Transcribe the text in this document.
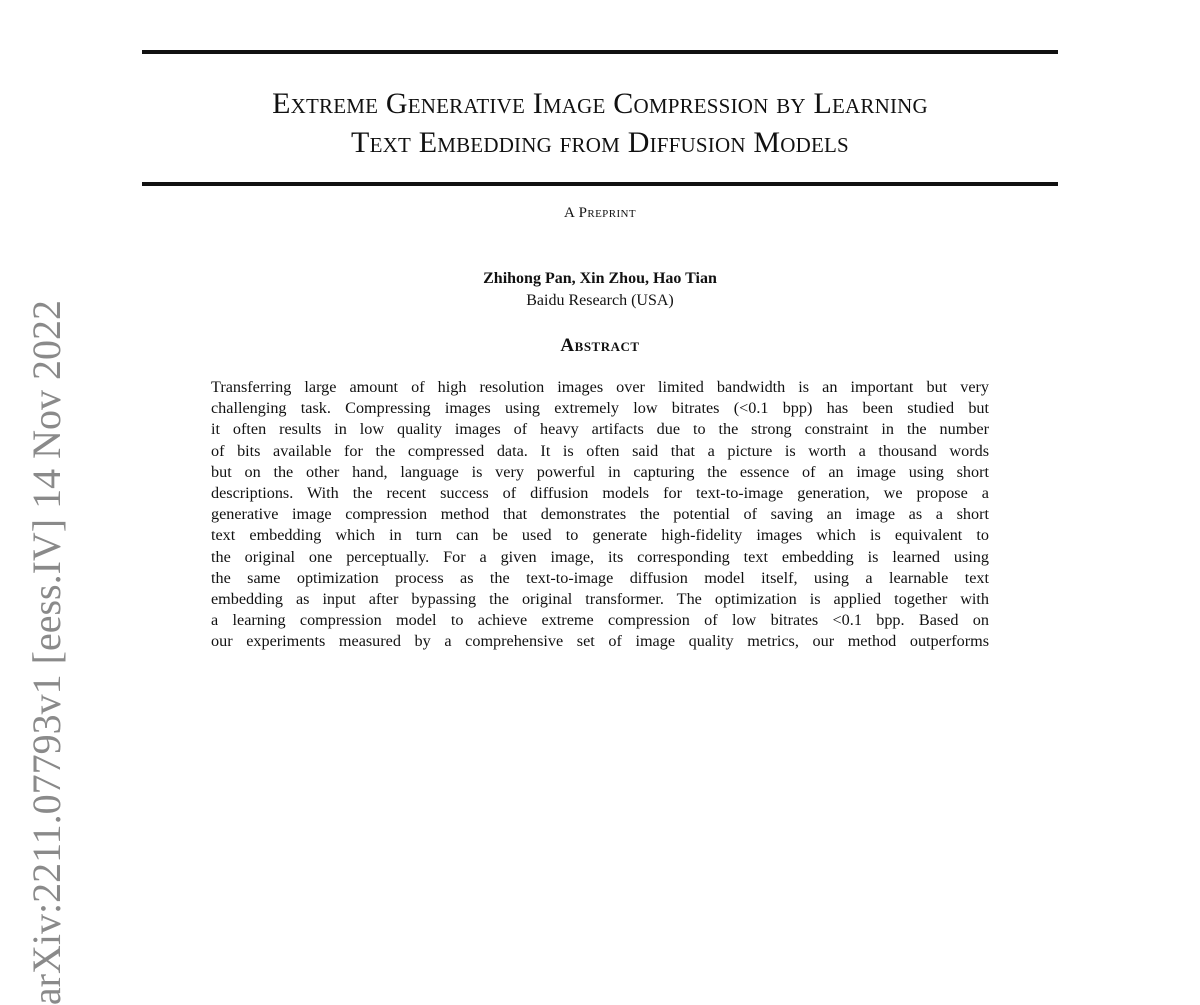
arXiv:2211.07793v1 [eess.IV] 14 Nov 2022
Extreme Generative Image Compression by Learning
Text Embedding from Diffusion Models
A Preprint
Zhihong Pan, Xin Zhou, Hao Tian
Baidu Research (USA)
Abstract
Transferring large amount of high resolution images over limited bandwidth is an important but very
challenging task. Compressing images using extremely low bitrates (<0.1 bpp) has been studied but
it often results in low quality images of heavy artifacts due to the strong constraint in the number
of bits available for the compressed data. It is often said that a picture is worth a thousand words
but on the other hand, language is very powerful in capturing the essence of an image using short
descriptions. With the recent success of diffusion models for text-to-image generation, we propose a
generative image compression method that demonstrates the potential of saving an image as a short
text embedding which in turn can be used to generate high-fidelity images which is equivalent to
the original one perceptually. For a given image, its corresponding text embedding is learned using
the same optimization process as the text-to-image diffusion model itself, using a learnable text
embedding as input after bypassing the original transformer. The optimization is applied together with
a learning compression model to achieve extreme compression of low bitrates <0.1 bpp. Based on
our experiments measured by a comprehensive set of image quality metrics, our method outperforms
